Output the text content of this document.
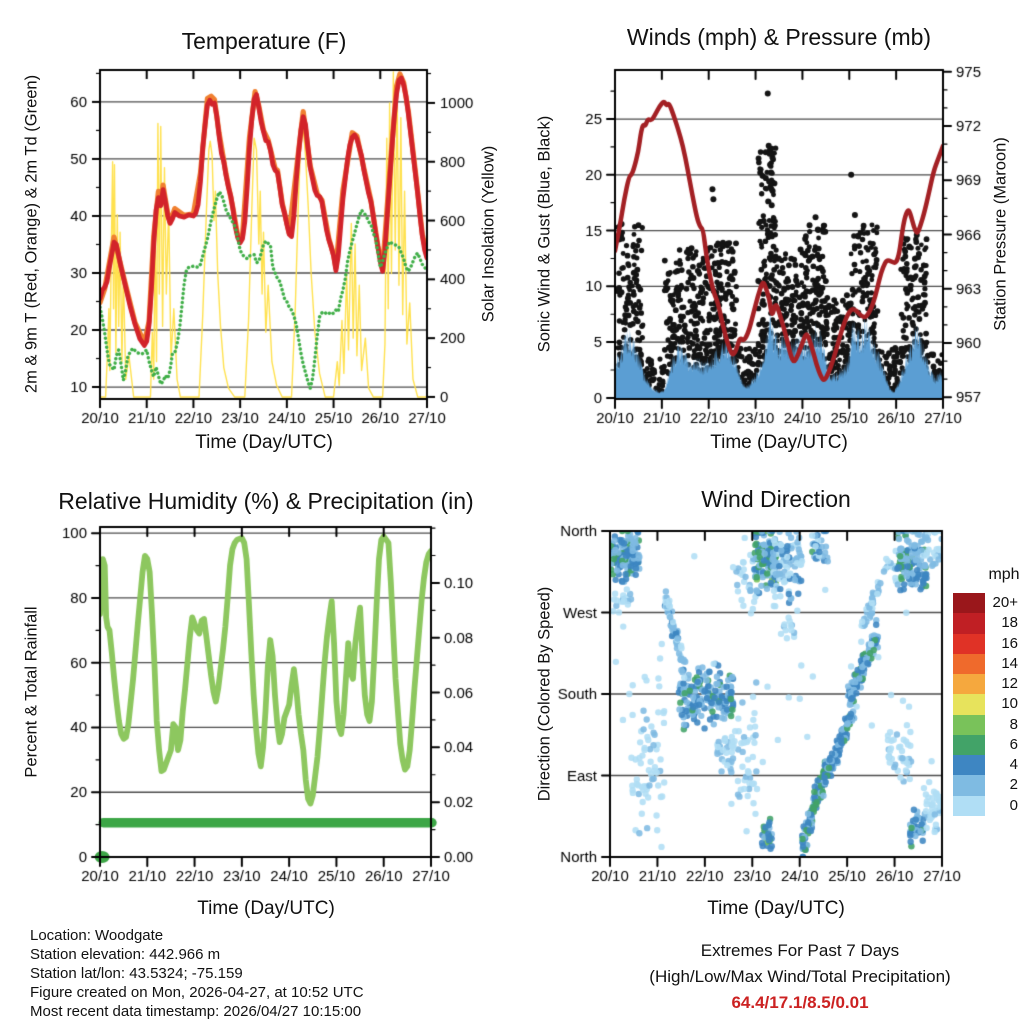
Temperature (F)	Winds (mph) & Pressure (mb)
Relative Humidity (%) & Precipitation (in)	Wind Direction
Time (Day/UTC)	Time (Day/UTC)
Time (Day/UTC)	Time (Day/UTC)
2m & 9m T (Red, Orange) & 2m Td (Green)	Solar Insolation (Yellow) Sonic Wind & Gust (Blue, Black)	Station Pressure (Maroon)
Percent & Total Rainfall	Direction (Colored By Speed)
mph
20+
18
16
14
12
10
8
6
4
2
0
Location: Woodgate
Station elevation: 442.966 m
Station lat/lon: 43.5324; -75.159
Figure created on Mon, 2026-04-27, at 10:52 UTC
Most recent data timestamp: 2026/04/27 10:15:00
Extremes For Past 7 Days
(High/Low/Max Wind/Total Precipitation)
64.4/17.1/8.5/0.01
